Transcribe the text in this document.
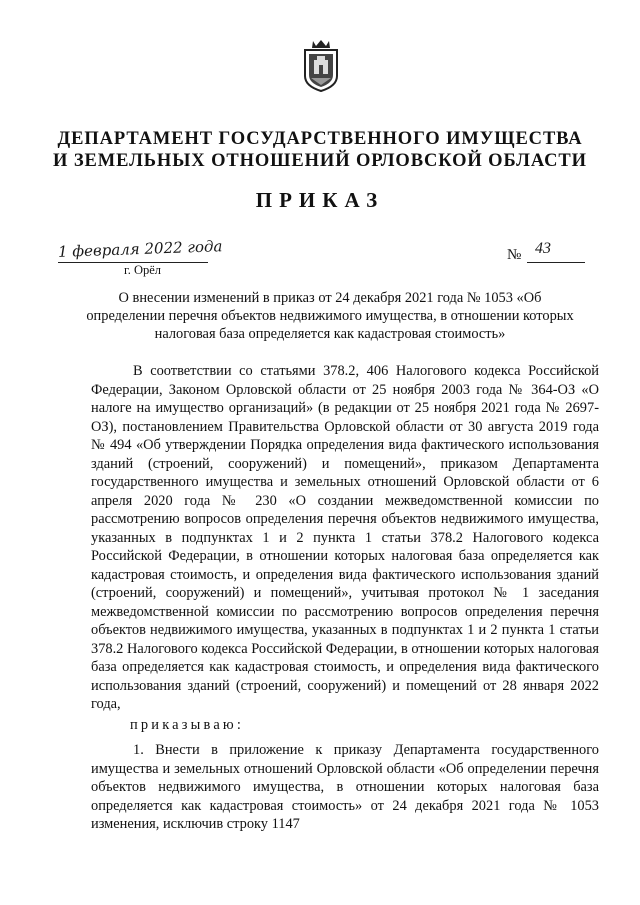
ДЕПАРТАМЕНТ ГОСУДАРСТВЕННОГО ИМУЩЕСТВА
И ЗЕМЕЛЬНЫХ ОТНОШЕНИЙ ОРЛОВСКОЙ ОБЛАСТИ
ПРИКАЗ
1 февраля 2022 года
г. Орёл
№ 43
О внесении изменений в приказ от 24 декабря 2021 года № 1053 «Об определении перечня объектов недвижимого имущества, в отношении которых налоговая база определяется как кадастровая стоимость»

В соответствии со статьями 378.2, 406 Налогового кодекса Российской Федерации, Законом Орловской области от 25 ноября 2003 года № 364-ОЗ «О налоге на имущество организаций» (в редакции от 25 ноября 2021 года № 2697-ОЗ), постановлением Правительства Орловской области от 30 августа 2019 года № 494 «Об утверждении Порядка определения вида фактического использования зданий (строений, сооружений) и помещений», приказом Департамента государственного имущества и земельных отношений Орловской области от 6 апреля 2020 года № 230 «О создании межведомственной комиссии по рассмотрению вопросов определения перечня объектов недвижимого имущества, указанных в подпунктах 1 и 2 пункта 1 статьи 378.2 Налогового кодекса Российской Федерации, в отношении которых налоговая база определяется как кадастровая стоимость, и определения вида фактического использования зданий (строений, сооружений) и помещений», учитывая протокол № 1 заседания межведомственной комиссии по рассмотрению вопросов определения перечня объектов недвижимого имущества, указанных в подпунктах 1 и 2 пункта 1 статьи 378.2 Налогового кодекса Российской Федерации, в отношении которых налоговая база определяется как кадастровая стоимость, и определения вида фактического использования зданий (строений, сооружений) и помещений от 28 января 2022 года,

приказываю:

1. Внести в приложение к приказу Департамента государственного имущества и земельных отношений Орловской области «Об определении перечня объектов недвижимого имущества, в отношении которых налоговая база определяется как кадастровая стоимость» от 24 декабря 2021 года № 1053 изменения, исключив строку 1147
